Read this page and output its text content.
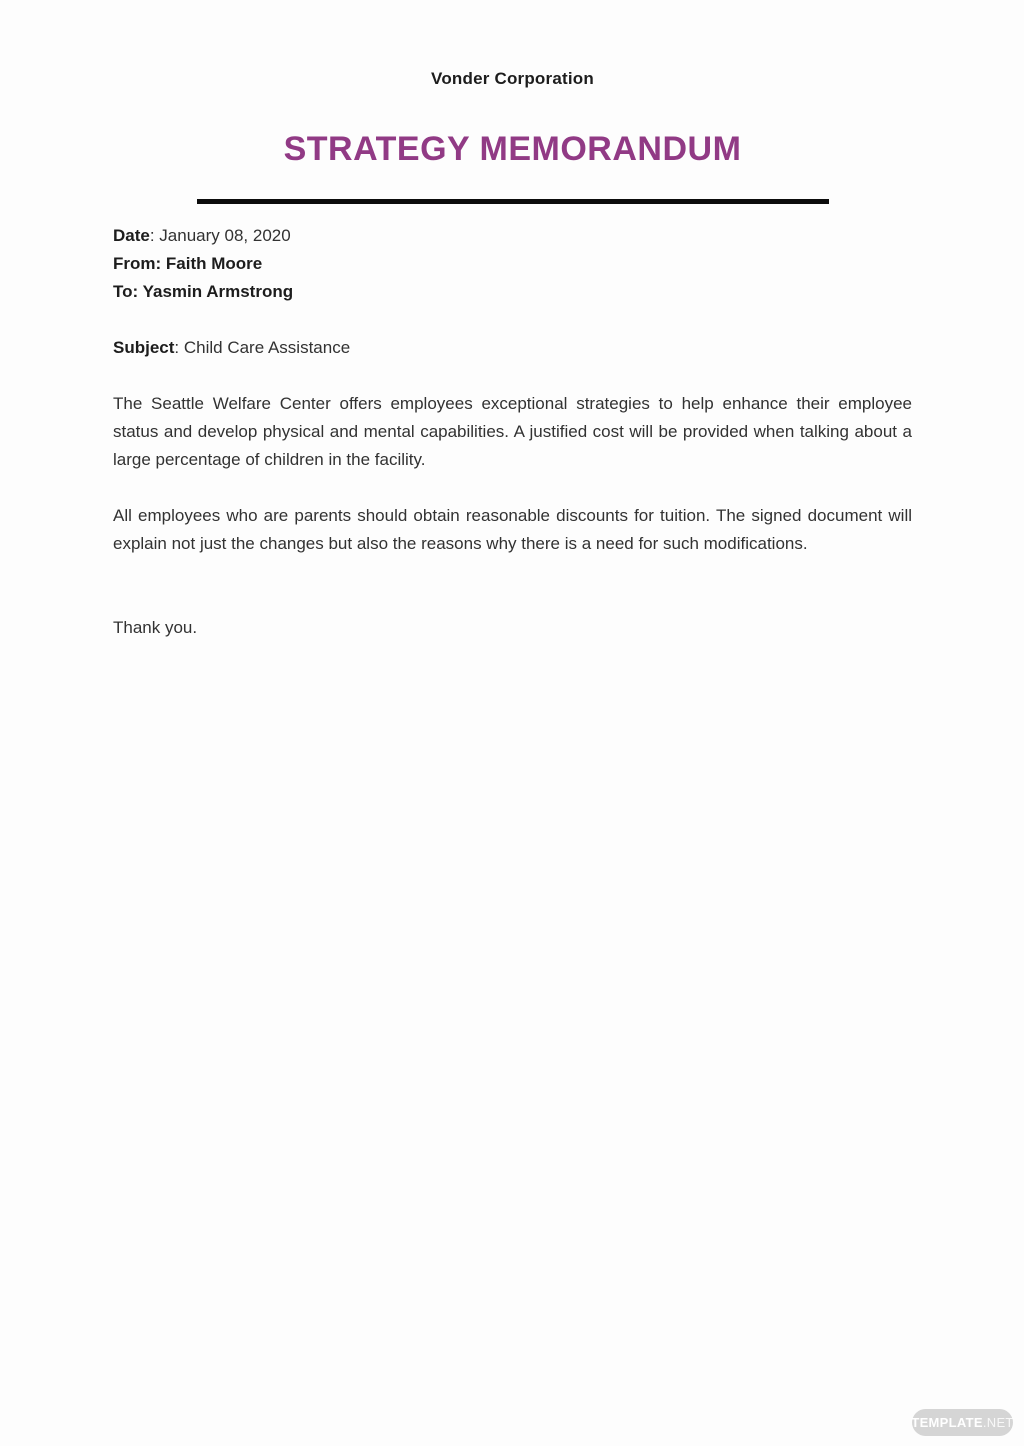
Vonder Corporation
STRATEGY MEMORANDUM
Date: January 08, 2020
From: Faith Moore
To: Yasmin Armstrong
Subject: Child Care Assistance

The Seattle Welfare Center offers employees exceptional strategies to help enhance their employee status and develop physical and mental capabilities. A justified cost will be provided when talking about a large percentage of children in the facility.

All employees who are parents should obtain reasonable discounts for tuition. The signed document will explain not just the changes but also the reasons why there is a need for such modifications.

Thank you.

TEMPLATE .NET
